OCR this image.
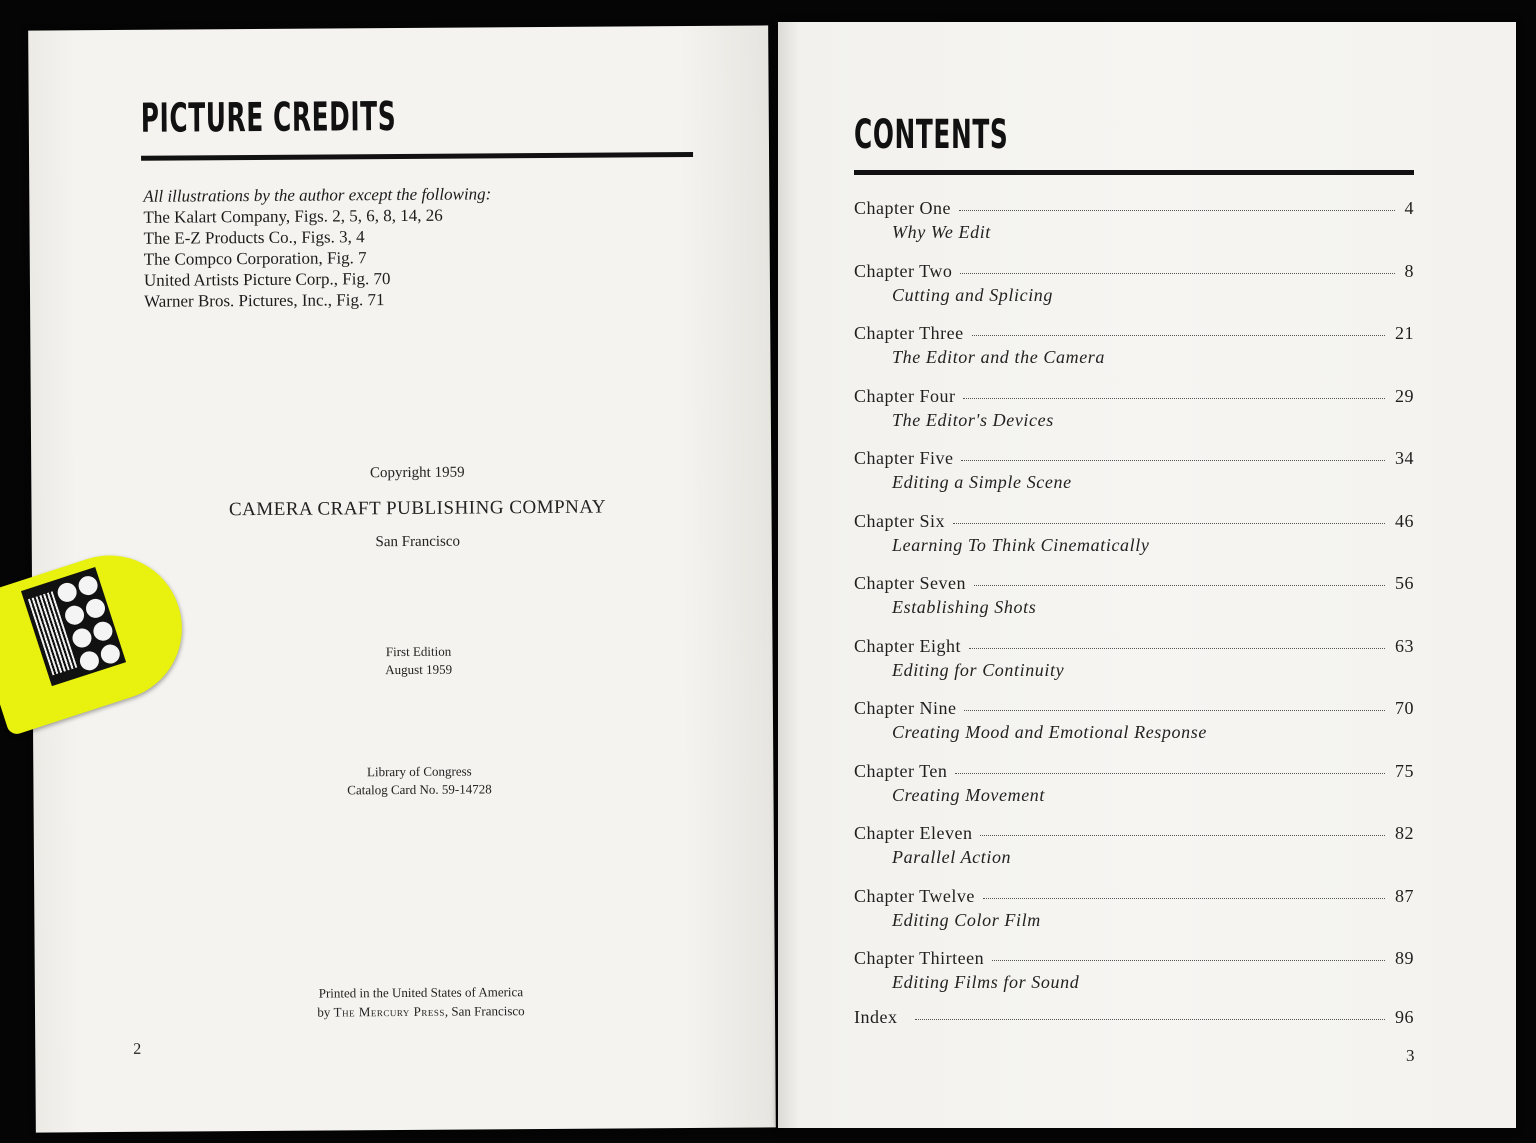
PICTURE CREDITS
All illustrations by the author except the following:
The Kalart Company, Figs. 2, 5, 6, 8, 14, 26
The E-Z Products Co., Figs. 3, 4
The Compco Corporation, Fig. 7
United Artists Picture Corp., Fig. 70
Warner Bros. Pictures, Inc., Fig. 71
Copyright 1959
CAMERA CRAFT PUBLISHING COMPNAY
San Francisco
First Edition
August 1959
Library of Congress
Catalog Card No. 59-14728
Printed in the United States of America
by The Mercury Press, San Francisco
2
CONTENTS
Chapter One	4
Why We Edit
Chapter Two	8
Cutting and Splicing
Chapter Three	21
The Editor and the Camera
Chapter Four	29
The Editor's Devices
Chapter Five	34
Editing a Simple Scene
Chapter Six	46
Learning To Think Cinematically
Chapter Seven	56
Establishing Shots
Chapter Eight	63
Editing for Continuity
Chapter Nine	70
Creating Mood and Emotional Response
Chapter Ten	75
Creating Movement
Chapter Eleven	82
Parallel Action
Chapter Twelve	87
Editing Color Film
Chapter Thirteen	89
Editing Films for Sound
Index	96
3
